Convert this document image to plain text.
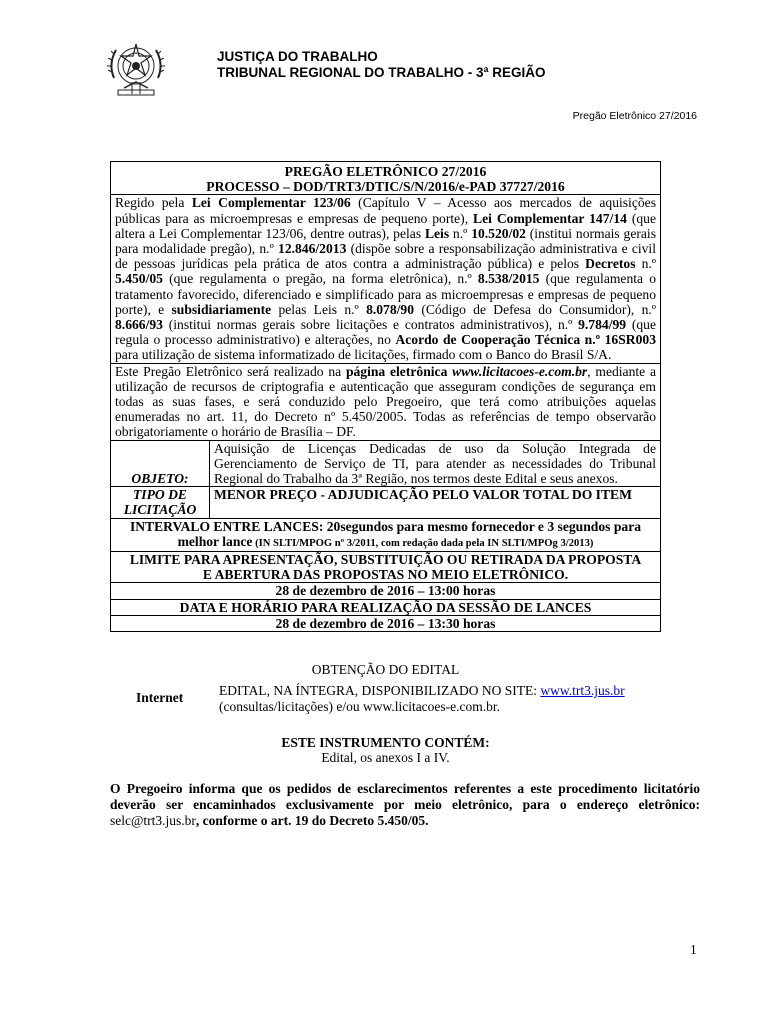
JUSTIÇA DO TRABALHO
TRIBUNAL REGIONAL DO TRABALHO - 3ª REGIÃO
Pregão Eletrônico 27/2016
PREGÃO ELETRÔNICO 27/2016
PROCESSO – DOD/TRT3/DTIC/S/N/2016/e-PAD 37727/2016
Regido pela Lei Complementar 123/06 (Capítulo V – Acesso aos mercados de aquisições públicas para as microempresas e empresas de pequeno porte), Lei Complementar 147/14 (que altera a Lei Complementar 123/06, dentre outras), pelas Leis n.º 10.520/02 (institui normais gerais para modalidade pregão), n.º 12.846/2013 (dispõe sobre a responsabilização administrativa e civil de pessoas jurídicas pela prática de atos contra a administração pública) e pelos Decretos n.º 5.450/05 (que regulamenta o pregão, na forma eletrônica), n.º 8.538/2015 (que regulamenta o tratamento favorecido, diferenciado e simplificado para as microempresas e empresas de pequeno porte), e subsidiariamente pelas Leis n.º 8.078/90 (Código de Defesa do Consumidor), n.º 8.666/93 (institui normas gerais sobre licitações e contratos administrativos), n.º 9.784/99 (que regula o processo administrativo) e alterações, no Acordo de Cooperação Técnica n.º 16SR003 para utilização de sistema informatizado de licitações, firmado com o Banco do Brasil S/A.
Este Pregão Eletrônico será realizado na página eletrônica www.licitacoes-e.com.br, mediante a utilização de recursos de criptografia e autenticação que asseguram condições de segurança em todas as suas fases, e será conduzido pelo Pregoeiro, que terá como atribuições aquelas enumeradas no art. 11, do Decreto nº 5.450/2005. Todas as referências de tempo observarão obrigatoriamente o horário de Brasília – DF.
OBJETO:
Aquisição de Licenças Dedicadas de uso da Solução Integrada de Gerenciamento de Serviço de TI, para atender as necessidades do Tribunal Regional do Trabalho da 3ª Região, nos termos deste Edital e seus anexos.
TIPO DE
LICITAÇÃO
MENOR PREÇO - ADJUDICAÇÃO PELO VALOR TOTAL DO ITEM
INTERVALO ENTRE LANCES: 20segundos para mesmo fornecedor e 3 segundos para
melhor lance (IN SLTI/MPOG nº 3/2011, com redação dada pela IN SLTI/MPOg 3/2013)
LIMITE PARA APRESENTAÇÃO, SUBSTITUIÇÃO OU RETIRADA DA PROPOSTA
E ABERTURA DAS PROPOSTAS NO MEIO ELETRÔNICO.
28 de dezembro de 2016 – 13:00 horas
DATA E HORÁRIO PARA REALIZAÇÃO DA SESSÃO DE LANCES
28 de dezembro de 2016 – 13:30 horas
OBTENÇÃO DO EDITAL
Internet	EDITAL, NA ÍNTEGRA, DISPONIBILIZADO NO SITE: www.trt3.jus.br
(consultas/licitações) e/ou www.licitacoes-e.com.br.
ESTE INSTRUMENTO CONTÉM:
Edital, os anexos I a IV.
O Pregoeiro informa que os pedidos de esclarecimentos referentes a este procedimento licitatório deverão ser encaminhados exclusivamente por meio eletrônico, para o endereço eletrônico: selc@trt3.jus.br, conforme o art. 19 do Decreto 5.450/05.
1
